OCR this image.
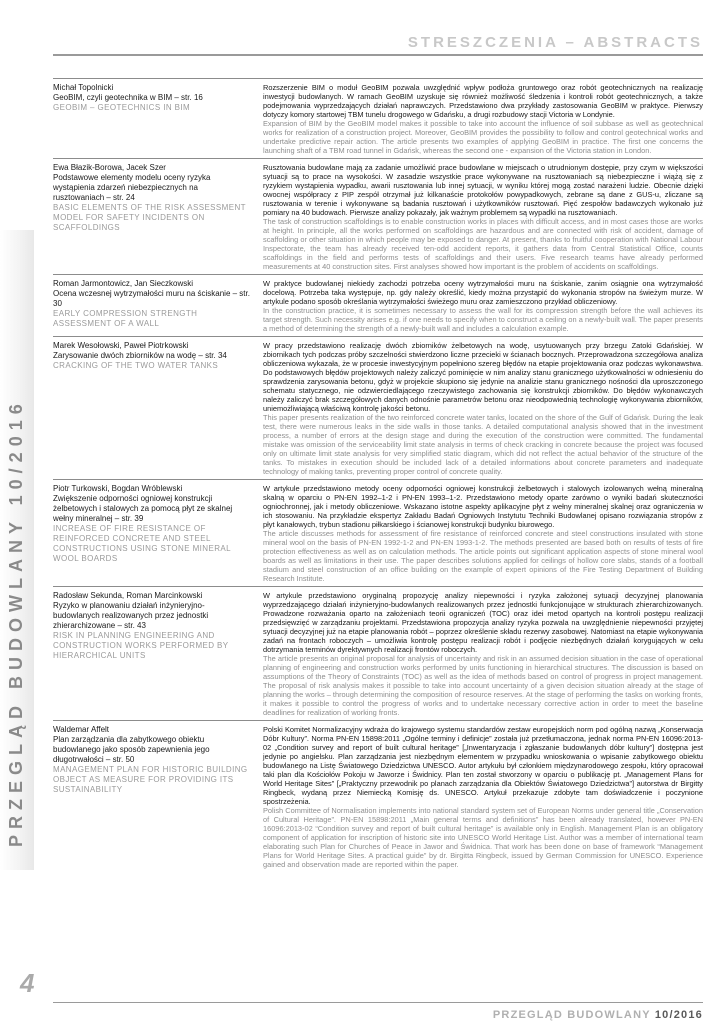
STRESZCZENIA – ABSTRACTS
PRZEGLĄD BUDOWLANY 10/2016
Michał Topolnicki
GeoBIM, czyli geotechnika w BIM – str. 16
GEOBIM – GEOTECHNICS IN BIM
Rozszerzenie BIM o moduł GeoBIM pozwala uwzględnić wpływ podłoża gruntowego oraz robót geotechnicznych na realizację inwestycji budowlanych. W ramach GeoBIM uzyskuje się również możliwość śledzenia i kontroli robót geotechnicznych, a także podejmowania wyprzedzających działań naprawczych. Przedstawiono dwa przykłady zastosowania GeoBIM w praktyce. Pierwszy dotyczy komory startowej TBM tunelu drogowego w Gdańsku, a drugi rozbudowy stacji Victoria w Londynie.
Expansion of BIM by the GeoBIM model makes it possible to take into account the influence of soil subbase as well as geotechnical works for realization of a construction project. Moreover, GeoBIM provides the possibility to follow and control geotechnical works and undertake predictive repair action. The article presents two examples of applying GeoBIM in practice. The first one concerns the launching shaft of a TBM road tunnel in Gdańsk, whereas the second one - expansion of the Victoria station in London.
Ewa Błazik-Borowa, Jacek Szer
Podstawowe elementy modelu oceny ryzyka wystąpienia zdarzeń niebezpiecznych na rusztowaniach – str. 24
BASIC ELEMENTS OF THE RISK ASSESSMENT MODEL FOR SAFETY INCIDENTS ON SCAFFOLDINGS
Rusztowania budowlane mają za zadanie umożliwić prace budowlane w miejscach o utrudnionym dostępie, przy czym w większości sytuacji są to prace na wysokości. W zasadzie wszystkie prace wykonywane na rusztowaniach są niebezpieczne i wiążą się z ryzykiem wystąpienia wypadku, awarii rusztowania lub innej sytuacji, w wyniku której mogą zostać narażeni ludzie. Obecnie dzięki owocnej współpracy z PIP zespół otrzymał już kilkanaście protokołów powypadkowych, zebrane są dane z GUS-u, zliczane są rusztowania w terenie i wykonywane są badania rusztowań i użytkowników rusztowań. Pięć zespołów badawczych wykonało już pomiary na 40 budowach. Pierwsze analizy pokazały, jak ważnym problemem są wypadki na rusztowaniach.
The task of construction scaffoldings is to enable construction works in places with difficult access, and in most cases those are works at height. In principle, all the works performed on scaffoldings are hazardous and are connected with risk of accident, damage of scaffolding or other situation in which people may be exposed to danger. At present, thanks to fruitful cooperation with National Labour Inspectorate, the team has already received ten-odd accident reports, it gathers data from Central Statistical Office, counts scaffoldings in the field and performs tests of scaffoldings and their users. Five research teams have already performed measurements at 40 construction sites. First analyses showed how important is the problem of accidents on scaffoldings.
Roman Jarmontowicz, Jan Sieczkowski
Ocena wczesnej wytrzymałości muru na ściskanie – str. 30
EARLY COMPRESSION STRENGTH ASSESSMENT OF A WALL
W praktyce budowlanej niekiedy zachodzi potrzeba oceny wytrzymałości muru na ściskanie, zanim osiągnie ona wytrzymałość docelową. Potrzeba taka występuje, np. gdy należy określić, kiedy można przystąpić do wykonania stropów na świeżym murze. W artykule podano sposób określania wytrzymałości świeżego muru oraz zamieszczono przykład obliczeniowy.
In the construction practice, it is sometimes necessary to assess the wall for its compression strength before the wall achieves its target strength. Such necessity arises e.g. if one needs to specify when to construct a ceiling on a newly-built wall. The paper presents a method of determining the strength of a newly-built wall and includes a calculation example.
Marek Wesołowski, Paweł Piotrkowski
Zarysowanie dwóch zbiorników na wodę – str. 34
CRACKING OF THE TWO WATER TANKS
W pracy przedstawiono realizację dwóch zbiorników żelbetowych na wodę, usytuowanych przy brzegu Zatoki Gdańskiej. W zbiornikach tych podczas próby szczelności stwierdzono liczne przecieki w ścianach bocznych. Przeprowadzona szczegółowa analiza obliczeniowa wykazała, że w procesie inwestycyjnym popełniono szereg błędów na etapie projektowania oraz podczas wykonawstwa. Do podstawowych błędów projektowych należy zaliczyć pominięcie w nim analizy stanu granicznego użytkowalności w odniesieniu do sprawdzenia zarysowania betonu, gdyż w projekcie skupiono się jedynie na analizie stanu granicznego nośności dla uproszczonego schematu statycznego, nie odzwierciedlającego rzeczywistego zachowania się konstrukcji zbiorników. Do błędów wykonawczych należy zaliczyć brak szczegółowych danych odnośnie parametrów betonu oraz nieodpowiednią technologię wykonywania zbiorników, uniemożliwiającą właściwą kontrolę jakości betonu.
This paper presents realization of the two reinforced concrete water tanks, located on the shore of the Gulf of Gdańsk. During the leak test, there were numerous leaks in the side walls in those tanks. A detailed computational analysis showed that in the investment process, a number of errors at the design stage and during the execution of the construction were committed. The fundamental mistake was omission of the serviceability limit state analysis in terms of check cracking in concrete because the project was focused only on ultimate limit state analysis for very simplified static diagram, which did not reflect the actual behavior of the structure of the tanks. To mistakes in execution should be included lack of a detailed informations about concrete parameters and inadequate technology of making tanks, preventing proper control of concrete quality.
Piotr Turkowski, Bogdan Wróblewski
Zwiększenie odporności ogniowej konstrukcji żelbetowych i stalowych za pomocą płyt ze skalnej wełny mineralnej – str. 39
INCREASE OF FIRE RESISTANCE OF REINFORCED CONCRETE AND STEEL CONSTRUCTIONS USING STONE MINERAL WOOL BOARDS
W artykule przedstawiono metody oceny odporności ogniowej konstrukcji żelbetowych i stalowych izolowanych wełną mineralną skalną w oparciu o PN-EN 1992–1-2 i PN-EN 1993–1-2. Przedstawiono metody oparte zarówno o wyniki badań skuteczności ogniochronnej, jak i metody obliczeniowe. Wskazano istotne aspekty aplikacyjne płyt z wełny mineralnej skalnej oraz ograniczenia w ich stosowaniu. Na przykładzie ekspertyz Zakładu Badań Ogniowych Instytutu Techniki Budowlanej opisano rozwiązania stropów z płyt kanałowych, trybun stadionu piłkarskiego i ścianowej konstrukcji budynku biurowego.
The article discusses methods for assessment of fire resistance of reinforced concrete and steel constructions insulated with stone mineral wool on the basis of PN-EN 1992-1-2 and PN-EN 1993-1-2. The methods presented are based both on results of tests of fire protection effectiveness as well as on calculation methods. The article points out significant application aspects of stone mineral wool boards as well as limitations in their use. The paper describes solutions applied for ceilings of hollow core slabs, stands of a football stadium and steel construction of an office building on the example of expert opinions of the Fire Testing Department of Building Research Institute.
Radosław Sekunda, Roman Marcinkowski
Ryzyko w planowaniu działań inżynieryjno-budowlanych realizowanych przez jednostki zhierarchizowane – str. 43
RISK IN PLANNING ENGINEERING AND CONSTRUCTION WORKS PERFORMED BY HIERARCHICAL UNITS
W artykule przedstawiono oryginalną propozycję analizy niepewności i ryzyka założonej sytuacji decyzyjnej planowania wyprzedzającego działań inżynieryjno-budowlanych realizowanych przez jednostki funkcjonujące w strukturach zhierarchizowanych. Prowadzone rozważania oparto na założeniach teorii ograniczeń (TOC) oraz idei metod opartych na kontroli postępu realizacji przedsięwzięć w zarządzaniu projektami. Przedstawiona propozycja analizy ryzyka pozwala na uwzględnienie niepewności przyjętej sytuacji decyzyjnej już na etapie planowania robót – poprzez określenie składu rezerwy zasobowej. Natomiast na etapie wykonywania zadań na frontach roboczych – umożliwia kontrolę postępu realizacji robót i podjęcie niezbędnych działań korygujących w celu dotrzymania terminów dyrektywnych realizacji frontów roboczych.
The article presents an original proposal for analysis of uncertainty and risk in an assumed decision situation in the case of operational planning of engineering and construction works performed by units functioning in hierarchical structures. The discussion is based on assumptions of the Theory of Constraints (TOC) as well as the idea of methods based on control of progress in project management. The proposal of risk analysis makes it possible to take into account uncertainty of a given decision situation already at the stage of planning the works – through determining the composition of resource reserves. At the stage of performing the tasks on working fronts, it makes it possible to control the progress of works and to undertake necessary corrective action in order to meet the baseline deadlines for realization of working fronts.
Waldemar Affelt
Plan zarządzania dla zabytkowego obiektu budowlanego jako sposób zapewnienia jego długotrwałości – str. 50
MANAGEMENT PLAN FOR HISTORIC BUILDING OBJECT AS MEASURE FOR PROVIDING ITS SUSTAINABILITY
Polski Komitet Normalizacyjny wdraża do krajowego systemu standardów zestaw europejskich norm pod ogólną nazwą „Konserwacja Dóbr Kultury”. Norma PN-EN 15898:2011 „Ogólne terminy i definicje” została już przetłumaczona, jednak norma PN-EN 16096:2013-02 „Condition survey and report of built cultural heritage” [„Inwentaryzacja i zgłaszanie budowlanych dóbr kultury”] dostępna jest jedynie po angielsku. Plan zarządzania jest niezbędnym elementem w przypadku wnioskowania o wpisanie zabytkowego obiektu budowlanego na Listę Światowego Dziedzictwa UNESCO. Autor artykułu był członkiem międzynarodowego zespołu, który opracował taki plan dla Kościołów Pokoju w Jaworze i Świdnicy. Plan ten został stworzony w oparciu o publikację pt. „Management Plans for World Heritage Sites” [„Praktyczny przewodnik po planach zarządzania dla Obiektów Światowego Dziedzictwa”] autorstwa dr Birgitty Ringbeck, wydaną przez Niemiecką Komisję ds. UNESCO. Artykuł przekazuje zdobyte tam doświadczenie i poczynione spostrzeżenia.
Polish Committee of Normalisation implements into national standard system set of European Norms under general title „Conservation of Cultural Heritage”. PN-EN 15898:2011 „Main general terms and definitions” has been already translated, however PN-EN 16096:2013-02 “Condition survey and report of built cultural heritage” is available only in English. Management Plan is an obligatory component of application for inscription of historic site into UNESCO World Heritage List. Author was a member of international team elaborating such Plan for Churches of Peace in Jawor and Świdnica. That work has been done on base of framework “Management Plans for World Heritage Sites. A practical guide” by dr. Birgitta Ringbeck, issued by German Commission for UNESCO. Experience gained and observation made are reported within the paper.
4
PRZEGLĄD BUDOWLANY 10/2016
